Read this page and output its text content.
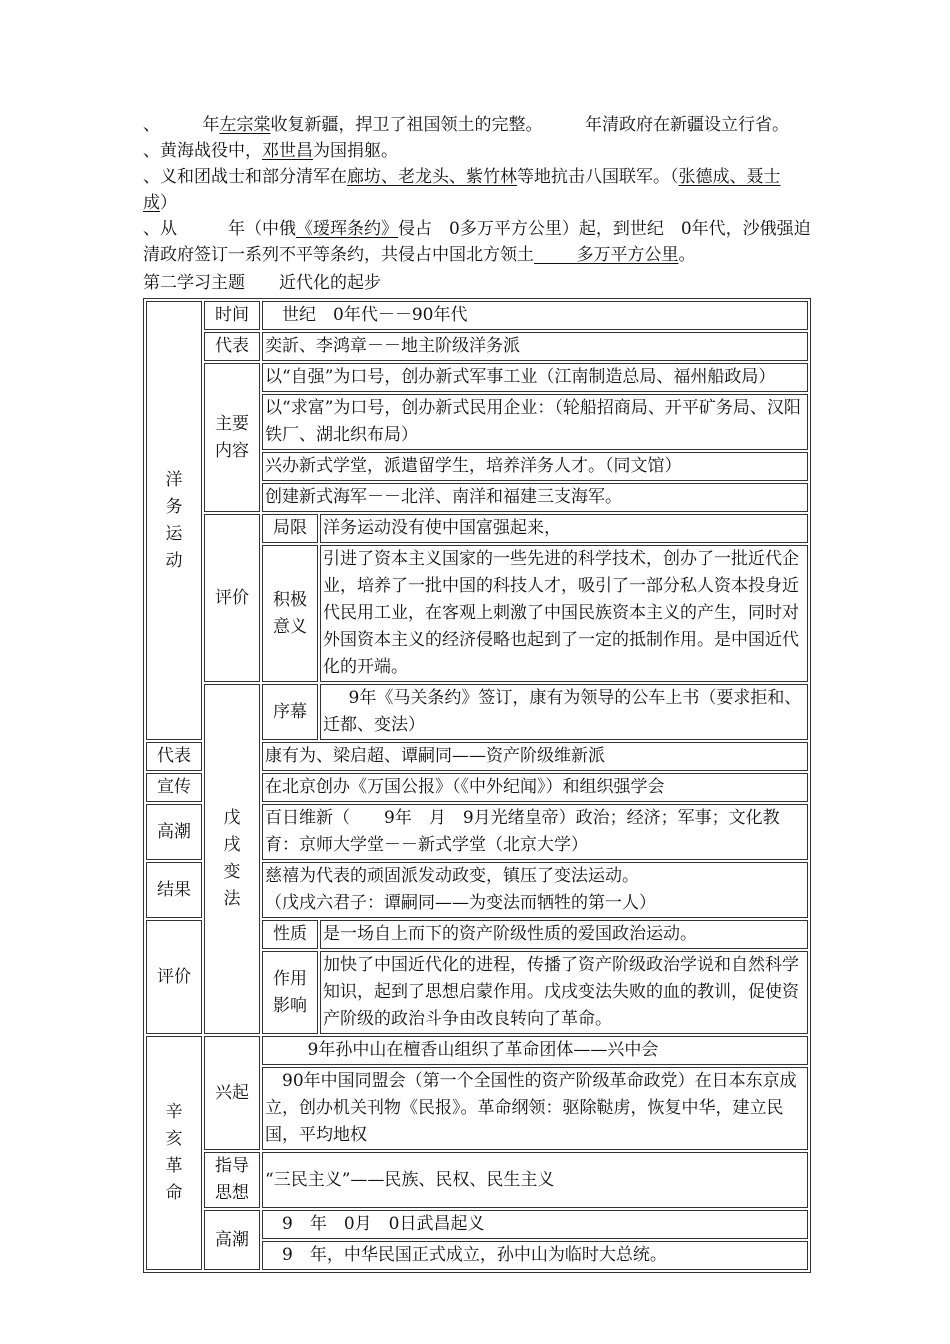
、   	年左宗棠收复新疆，捍卫了祖国领土的完整。   	年清政府在新疆设立行省。

、黄海战役中，邓世昌为国捐躯。

、义和团战士和部分清军在廊坊、老龙头、紫竹林等地抗击八国联军。（张德成、聂士成）

、从   	年（中俄《瑷珲条约》侵占  0多万平方公里）起，到世纪  0年代，沙俄强迫清政府签订一系列不平等条约，共侵占中国北方领土   	多万平方公里。

第二学习主题　　近代化的起步

洋务运动	时间	 世纪　0年代－－90年代	
	代表	奕訢、李鸿章－－地主阶级洋务派	
	主要内容	以“自强”为口号，创办新式军事工业（江南制造总局、福州船政局）	
		以“求富”为口号，创办新式民用企业：（轮船招商局、开平矿务局、汉阳铁厂、湖北织布局）	
		兴办新式学堂，派遣留学生，培养洋务人才。（同文馆）	
		创建新式海军－－北洋、南洋和福建三支海军。	
	评价	局限	洋务运动没有使中国富强起来，
		积极意义	引进了资本主义国家的一些先进的科学技术，创办了一批近代企业，培养了一批中国的科技人才，吸引了一部分私人资本投身近代民用工业，在客观上刺激了中国民族资本主义的产生，同时对外国资本主义的经济侵略也起到了一定的抵制作用。是中国近代化的开端。
	戊戌变法	序幕	  9年《马关条约》签订，康有为领导的公车上书（要求拒和、迁都、变法）
代表		康有为、梁启超、谭嗣同——资产阶级维新派	
宣传		在北京创办《万国公报》（《中外纪闻》）和组织强学会	
高潮		百日维新（　　9年　月　9月光绪皇帝）政治；经济；军事；文化教育：京师大学堂－－新式学堂（北京大学）	
结果		慈禧为代表的顽固派发动政变，镇压了变法运动。
（戊戌六君子：谭嗣同——为变法而牺牲的第一人）	

评价		性质	是一场自上而下的资产阶级性质的爱国政治运动。
		作用影响	加快了中国近代化的进程，传播了资产阶级政治学说和自然科学知识，起到了思想启蒙作用。戊戌变法失败的血的教训，促使资产阶级的政治斗争由改良转向了革命。
辛亥革命	兴起	   9年孙中山在檀香山组织了革命团体——兴中会	
		 90年中国同盟会（第一个全国性的资产阶级革命政党）在日本东京成立，创办机关刊物《民报》。革命纲领：驱除鞑虏，恢复中华，建立民国，平均地权	
	指导思想	“三民主义”——民族、民权、民生主义	
	高潮	 9　年　0月　0日武昌起义	
		 9　年，中华民国正式成立，孙中山为临时大总统。	
